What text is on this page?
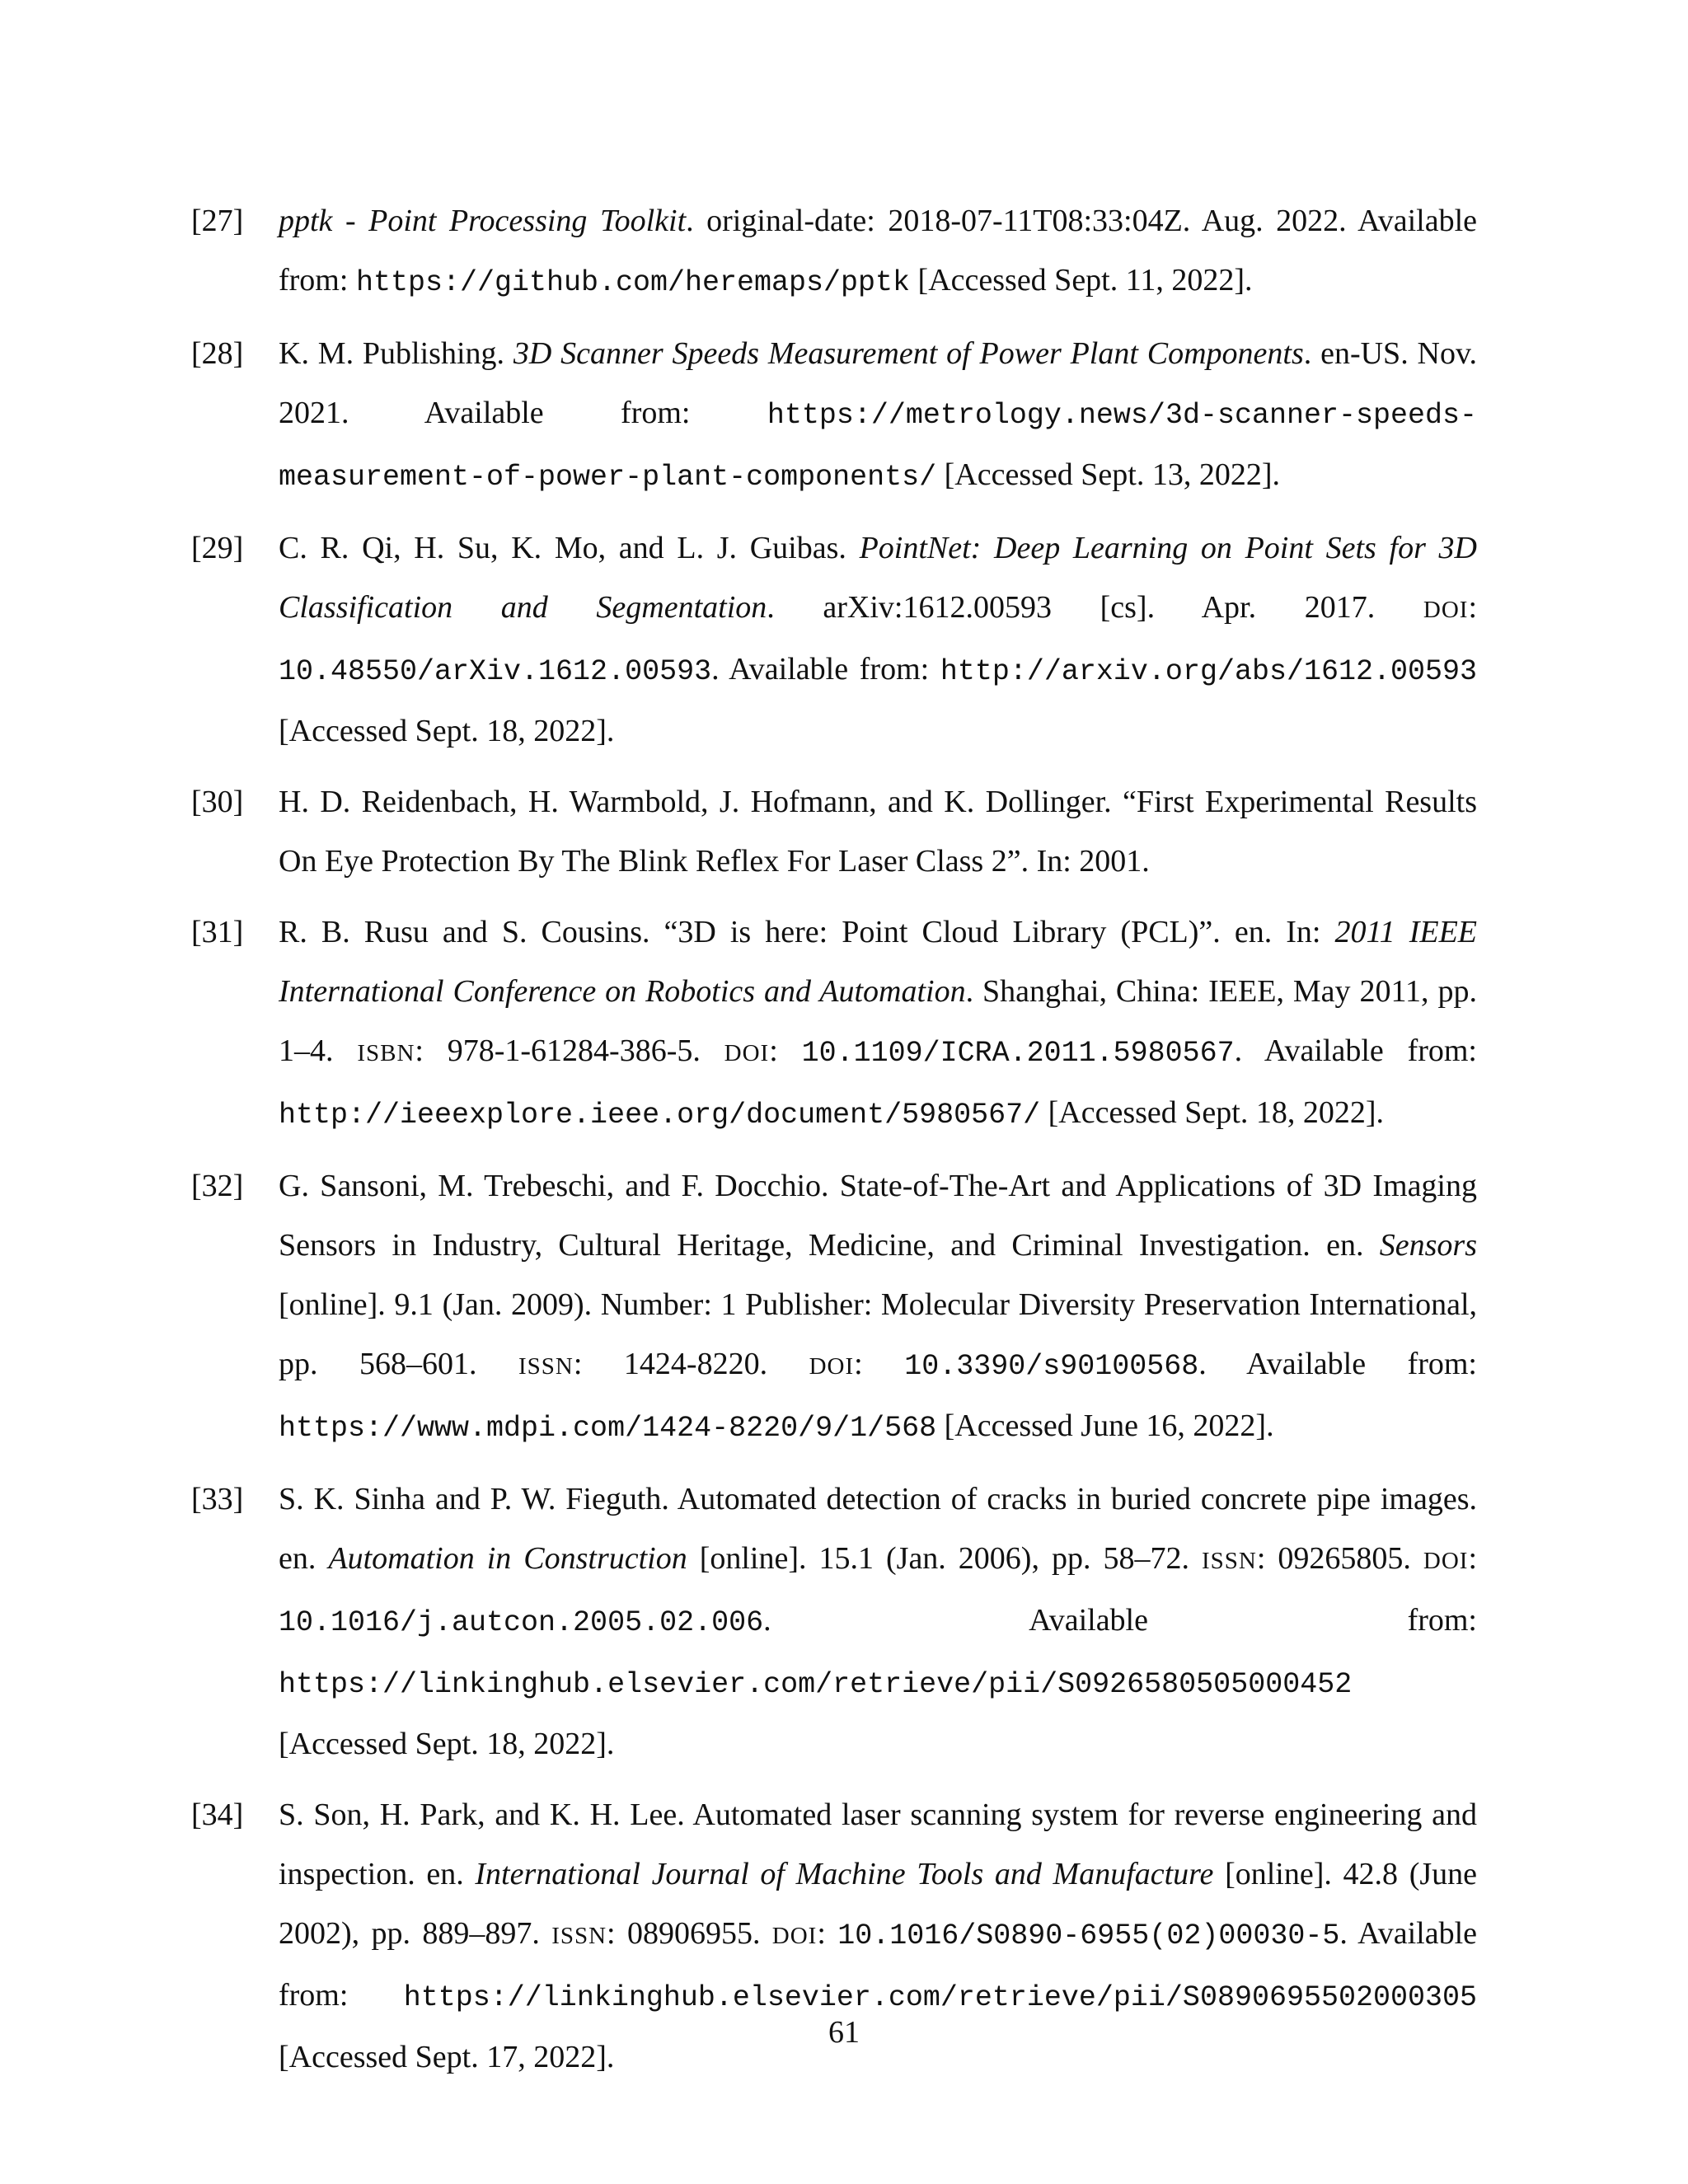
[27]	pptk - Point Processing Toolkit. original-date: 2018-07-11T08:33:04Z. Aug. 2022. Available from: https://github.com/heremaps/pptk [Accessed Sept. 11, 2022].
[28]	K. M. Publishing. 3D Scanner Speeds Measurement of Power Plant Components. en-US. Nov. 2021. Available from: https://metrology.news/3d-scanner-speeds-measurement-of-power-plant-components/ [Accessed Sept. 13, 2022].
[29]	C. R. Qi, H. Su, K. Mo, and L. J. Guibas. PointNet: Deep Learning on Point Sets for 3D Classification and Segmentation. arXiv:1612.00593 [cs]. Apr. 2017. DOI: 10.48550/arXiv.1612.00593. Available from: http://arxiv.org/abs/1612.00593 [Accessed Sept. 18, 2022].
[30]	H. D. Reidenbach, H. Warmbold, J. Hofmann, and K. Dollinger. “First Experimental Results On Eye Protection By The Blink Reflex For Laser Class 2”. In: 2001.
[31]	R. B. Rusu and S. Cousins. “3D is here: Point Cloud Library (PCL)”. en. In: 2011 IEEE International Conference on Robotics and Automation. Shanghai, China: IEEE, May 2011, pp. 1–4. ISBN: 978-1-61284-386-5. DOI: 10.1109/ICRA.2011.5980567. Available from: http://ieeexplore.ieee.org/document/5980567/ [Accessed Sept. 18, 2022].
[32]	G. Sansoni, M. Trebeschi, and F. Docchio. State-of-The-Art and Applications of 3D Imaging Sensors in Industry, Cultural Heritage, Medicine, and Criminal Investigation. en. Sensors [online]. 9.1 (Jan. 2009). Number: 1 Publisher: Molecular Diversity Preservation International, pp. 568–601. ISSN: 1424-8220. DOI: 10.3390/s90100568. Available from: https://www.mdpi.com/1424-8220/9/1/568 [Accessed June 16, 2022].
[33]	S. K. Sinha and P. W. Fieguth. Automated detection of cracks in buried concrete pipe images. en. Automation in Construction [online]. 15.1 (Jan. 2006), pp. 58–72. ISSN: 09265805. DOI: 10.1016/j.autcon.2005.02.006. Available from: https://linkinghub.elsevier.com/retrieve/pii/S0926580505000452 [Accessed Sept. 18, 2022].
[34]	S. Son, H. Park, and K. H. Lee. Automated laser scanning system for reverse engineering and inspection. en. International Journal of Machine Tools and Manufacture [online]. 42.8 (June 2002), pp. 889–897. ISSN: 08906955. DOI: 10.1016/S0890-6955(02)00030-5. Available from: https://linkinghub.elsevier.com/retrieve/pii/S0890695502000305 [Accessed Sept. 17, 2022].
61
